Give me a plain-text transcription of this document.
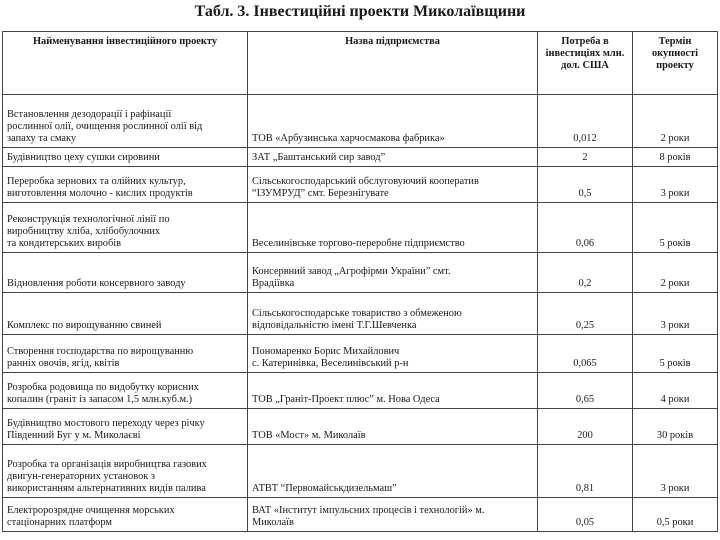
Табл. 3. Інвестиційні проекти Миколаївщини
Найменування інвестиційного проекту	Назва підприємства	Потреба в
інвестиціях млн.
дол. США	Термін
окупності
проекту

Встановлення дезодорації і рафінації
рослинної олії, очищення рослинної олії від
запаху та смаку	ТОВ «Арбузинська харчосмакова фабрика»	0,012	2 роки

Будівництво цеху сушки сировини	ЗАТ „Баштанський сир завод”	2	8 років

Переробка зернових та олійних культур,
виготовлення молочно - кислих продуктів	Сільськогосподарський обслуговуючий кооператив
“ІЗУМРУД” смт. Березнігувате	0,5	3 роки

Реконструкція технологічної лінії по
виробництву хліба, хлібобулочних
та кондитерських виробів	Веселинівське торгово-переробне підприємство	0,06	5 років

Відновлення роботи консервного заводу	Консервний завод „Агрофірми України” смт.
Врадіївка	0,2	2 роки

Комплекс по вирощуванню свиней	Сільськогосподарське товариство з обмеженою
відповідальністю імені Т.Г.Шевченка	0,25	3 роки

Створення господарства по вирощуванню
ранніх овочів, ягід, квітів	Пономаренко Борис Михайлович
с. Катеринівка, Веселинівський р-н	0,065	5 років

Розробка родовища по видобутку корисних
копалин (граніт із запасом 1,5 млн.куб.м.)	ТОВ „Граніт-Проект плюс” м. Нова Одеса	0,65	4 роки

Будівництво мостового переходу через річку
Південний Буг у м. Миколаєві	ТОВ «Мост» м. Миколаїв	200	30 років

Розробка та організація виробництва газових
двигун-генераторних установок з
використанням альтернативних видів палива	АТВТ “Первомайськдизельмаш”	0,81	3 роки

Електророзрядне очищення морських
стаціонарних платформ	ВАТ «Інститут імпульсних процесів і технологій» м.
Миколаїв	0,05	0,5 роки
